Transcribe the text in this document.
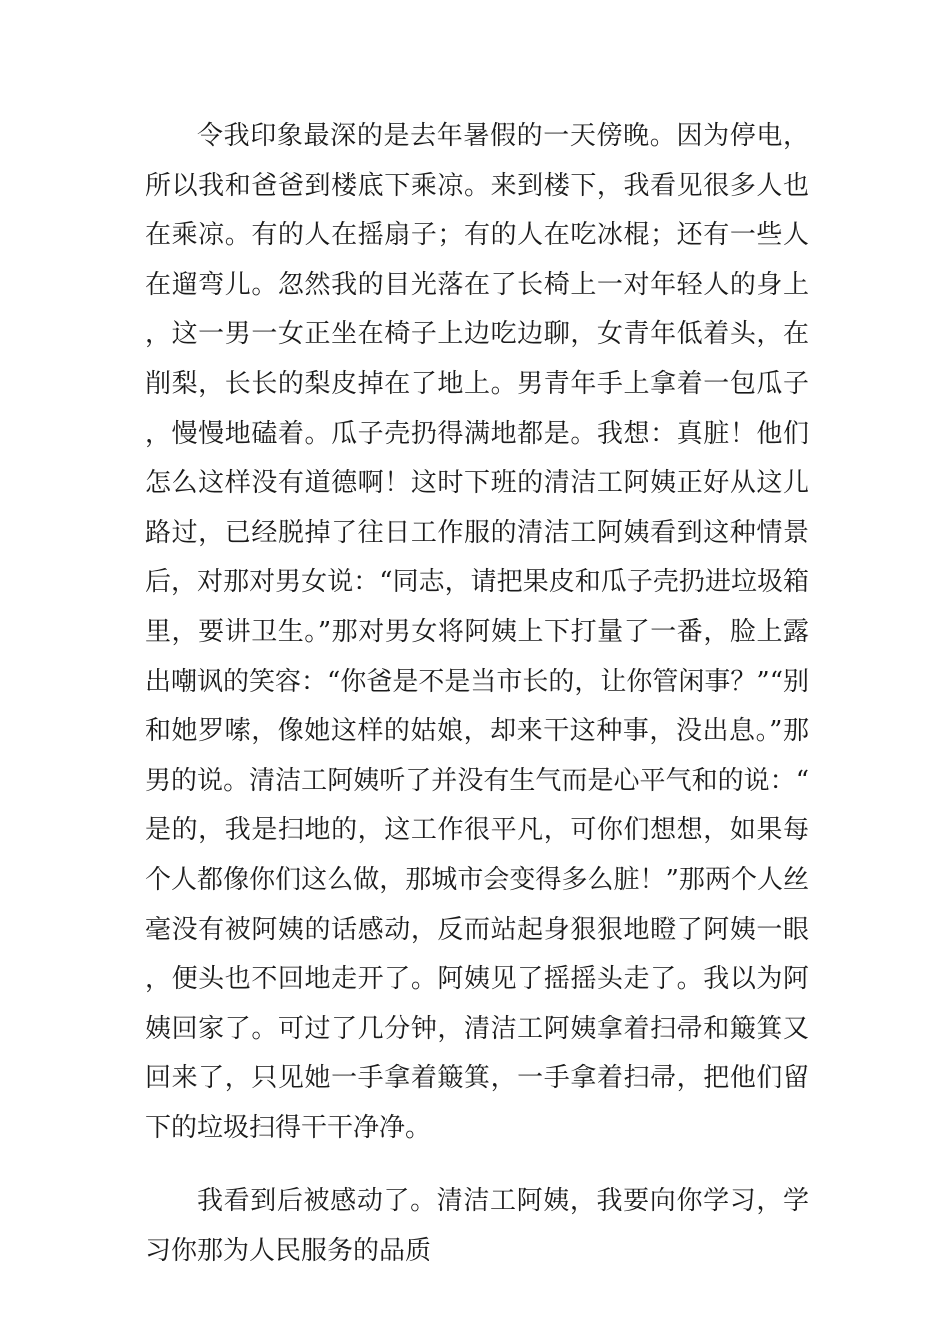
令我印象最深的是去年暑假的一天傍晚。因为停电，所以我和爸爸到楼底下乘凉。来到楼下，我看见很多人也在乘凉。有的人在摇扇子；有的人在吃冰棍；还有一些人在遛弯儿。忽然我的目光落在了长椅上一对年轻人的身上，这一男一女正坐在椅子上边吃边聊，女青年低着头，在削梨，长长的梨皮掉在了地上。男青年手上拿着一包瓜子，慢慢地磕着。瓜子壳扔得满地都是。我想：真脏！他们怎么这样没有道德啊！这时下班的清洁工阿姨正好从这儿路过，已经脱掉了往日工作服的清洁工阿姨看到这种情景后，对那对男女说：“同志，请把果皮和瓜子壳扔进垃圾箱里，要讲卫生。”那对男女将阿姨上下打量了一番，脸上露出嘲讽的笑容：“你爸是不是当市长的，让你管闲事？”“别和她罗嗦，像她这样的姑娘，却来干这种事，没出息。”那男的说。清洁工阿姨听了并没有生气而是心平气和的说：“是的，我是扫地的，这工作很平凡，可你们想想，如果每个人都像你们这么做，那城市会变得多么脏！”那两个人丝毫没有被阿姨的话感动，反而站起身狠狠地瞪了阿姨一眼，便头也不回地走开了。阿姨见了摇摇头走了。我以为阿姨回家了。可过了几分钟，清洁工阿姨拿着扫帚和簸箕又回来了，只见她一手拿着簸箕，一手拿着扫帚，把他们留下的垃圾扫得干干净净。

我看到后被感动了。清洁工阿姨，我要向你学习，学习你那为人民服务的品质
